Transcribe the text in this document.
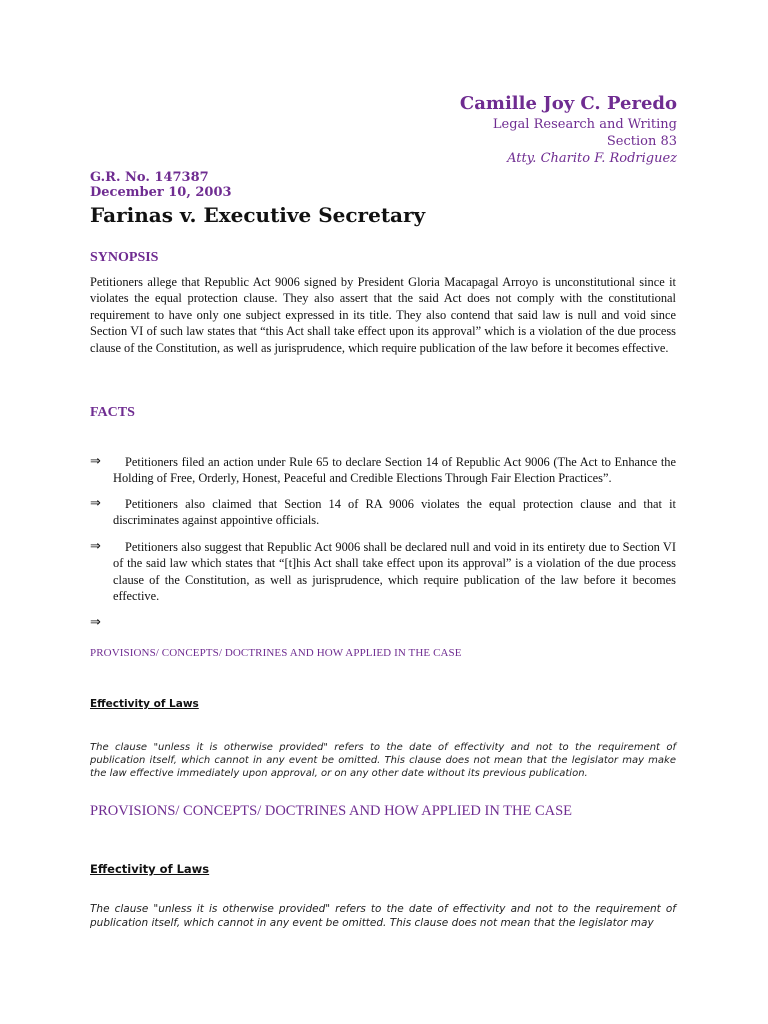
Camille Joy C. Peredo
Legal Research and Writing
Section 83
Atty. Charito F. Rodriguez
G.R. No. 147387
December 10, 2003
Farinas v. Executive Secretary
SYNOPSIS
Petitioners allege that Republic Act 9006 signed by President Gloria Macapagal Arroyo is unconstitutional since it violates the equal protection clause. They also assert that the said Act does not comply with the constitutional requirement to have only one subject expressed in its title. They also contend that said law is null and void since Section VI of such law states that “this Act shall take effect upon its approval” which is a violation of the due process clause of the Constitution, as well as jurisprudence, which require publication of the law before it becomes effective.
FACTS
⇒	Petitioners filed an action under Rule 65 to declare Section 14 of Republic Act 9006 (The Act to Enhance the Holding of Free, Orderly, Honest, Peaceful and Credible Elections Through Fair Election Practices”.
⇒	Petitioners also claimed that Section 14 of RA 9006 violates the equal protection clause and that it discriminates against appointive officials.
⇒	Petitioners also suggest that Republic Act 9006 shall be declared null and void in its entirety due to Section VI of the said law which states that “[t]his Act shall take effect upon its approval” is a violation of the due process clause of the Constitution, as well as jurisprudence, which require publication of the law before it becomes effective.
⇒
PROVISIONS/ CONCEPTS/ DOCTRINES AND HOW APPLIED IN THE CASE
Effectivity of Laws
The clause "unless it is otherwise provided" refers to the date of effectivity and not to the requirement of publication itself, which cannot in any event be omitted. This clause does not mean that the legislator may make the law effective immediately upon approval, or on any other date without its previous publication.
PROVISIONS/ CONCEPTS/ DOCTRINES AND HOW APPLIED IN THE CASE
Effectivity of Laws
The clause "unless it is otherwise provided" refers to the date of effectivity and not to the requirement of publication itself, which cannot in any event be omitted. This clause does not mean that the legislator may
